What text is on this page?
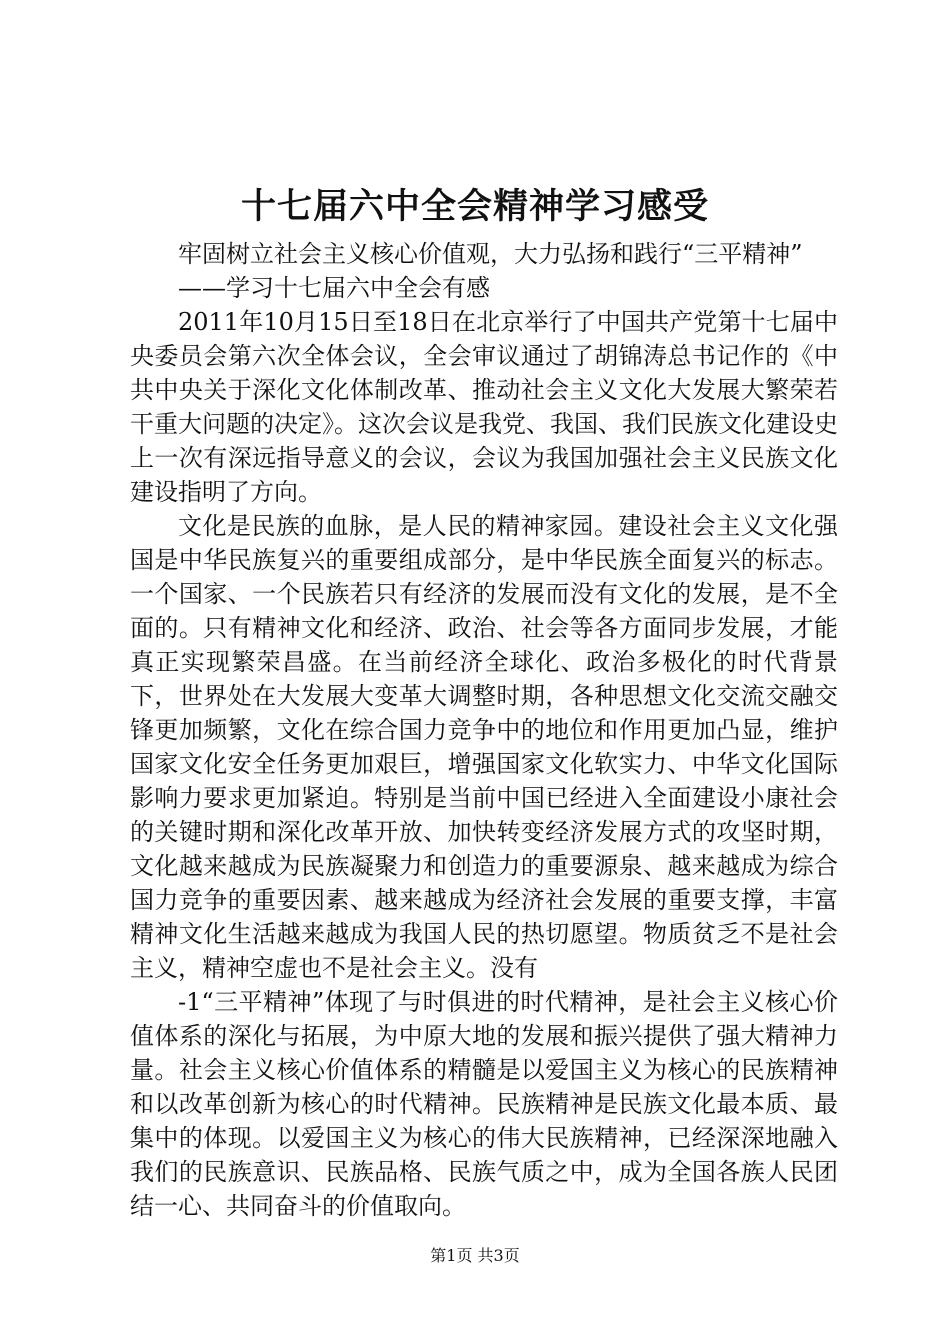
十七届六中全会精神学习感受

牢固树立社会主义核心价值观，大力弘扬和践行“三平精神”

——学习十七届六中全会有感

2011年10月15日至18日在北京举行了中国共产党第十七届中央委员会第六次全体会议，全会审议通过了胡锦涛总书记作的《中共中央关于深化文化体制改革、推动社会主义文化大发展大繁荣若干重大问题的决定》。这次会议是我党、我国、我们民族文化建设史上一次有深远指导意义的会议，会议为我国加强社会主义民族文化建设指明了方向。

文化是民族的血脉，是人民的精神家园。建设社会主义文化强国是中华民族复兴的重要组成部分，是中华民族全面复兴的标志。一个国家、一个民族若只有经济的发展而没有文化的发展，是不全面的。只有精神文化和经济、政治、社会等各方面同步发展，才能真正实现繁荣昌盛。在当前经济全球化、政治多极化的时代背景下，世界处在大发展大变革大调整时期，各种思想文化交流交融交锋更加频繁，文化在综合国力竞争中的地位和作用更加凸显，维护国家文化安全任务更加艰巨，增强国家文化软实力、中华文化国际影响力要求更加紧迫。特别是当前中国已经进入全面建设小康社会的关键时期和深化改革开放、加快转变经济发展方式的攻坚时期，文化越来越成为民族凝聚力和创造力的重要源泉、越来越成为综合国力竞争的重要因素、越来越成为经济社会发展的重要支撑，丰富精神文化生活越来越成为我国人民的热切愿望。物质贫乏不是社会主义，精神空虚也不是社会主义。没有

-1“三平精神”体现了与时俱进的时代精神，是社会主义核心价值体系的深化与拓展，为中原大地的发展和振兴提供了强大精神力量。社会主义核心价值体系的精髓是以爱国主义为核心的民族精神和以改革创新为核心的时代精神。民族精神是民族文化最本质、最集中的体现。以爱国主义为核心的伟大民族精神，已经深深地融入我们的民族意识、民族品格、民族气质之中，成为全国各族人民团结一心、共同奋斗的价值取向。

第1页 共3页
